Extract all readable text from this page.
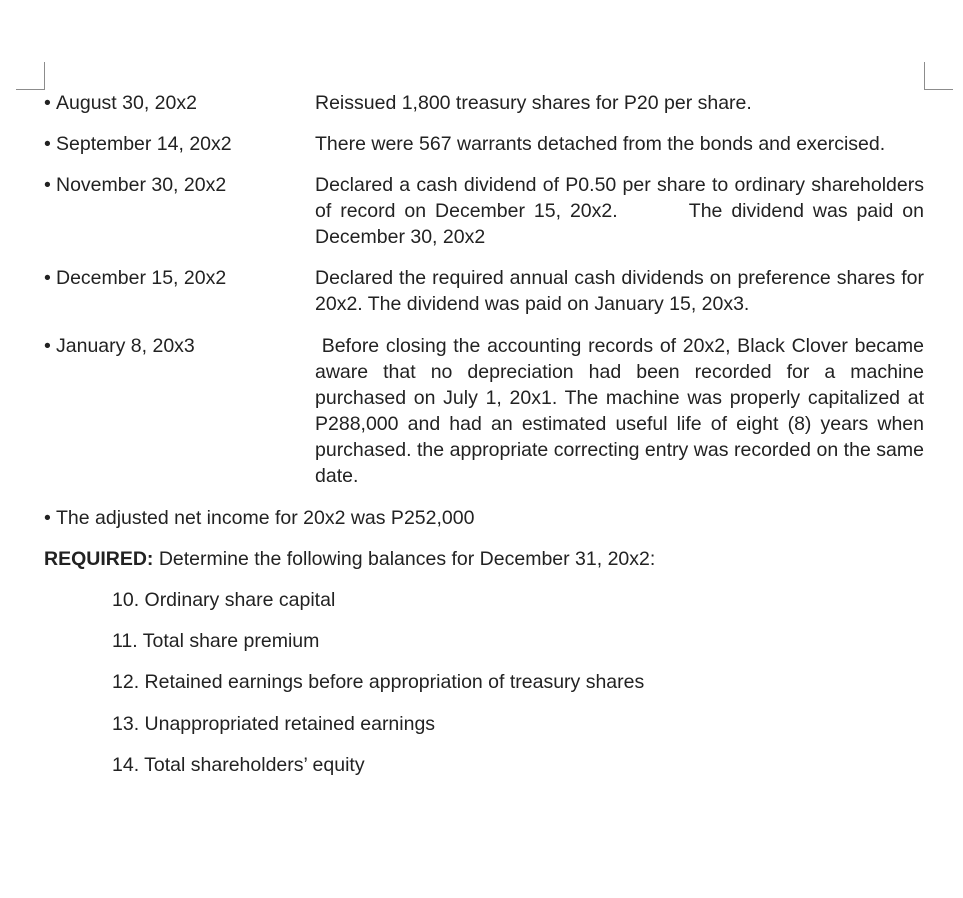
• August 30, 20x2	Reissued 1,800 treasury shares for P20 per share.
• September 14, 20x2	There were 567 warrants detached from the bonds and exercised.
• November 30, 20x2	Declared a cash dividend of P0.50 per share to ordinary shareholders of record on December 15, 20x2.        The dividend was paid on December 30, 20x2
• December 15, 20x2	Declared the required annual cash dividends on preference shares for 20x2. The dividend was paid on January 15, 20x3.
• January 8, 20x3	Before closing the accounting records of 20x2, Black Clover became aware that no depreciation had been recorded for a machine purchased on July 1, 20x1. The machine was properly capitalized at P288,000 and had an estimated useful life of eight (8) years when purchased. the appropriate correcting entry was recorded on the same date.
• The adjusted net income for 20x2 was P252,000
REQUIRED: Determine the following balances for December 31, 20x2:
10. Ordinary share capital
11. Total share premium
12. Retained earnings before appropriation of treasury shares
13. Unappropriated retained earnings
14. Total shareholders’ equity
